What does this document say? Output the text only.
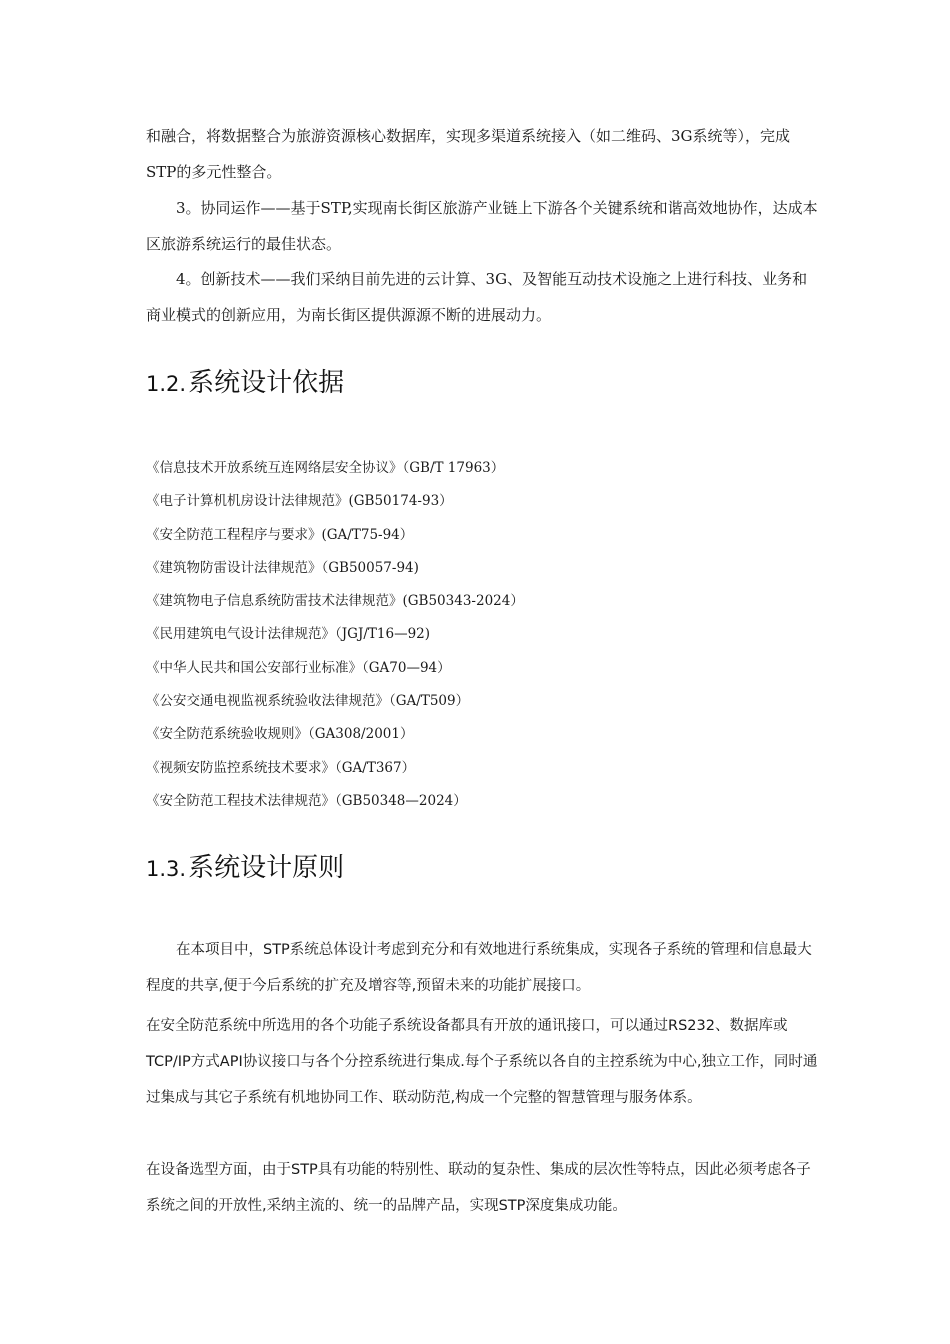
和融合，将数据整合为旅游资源核心数据库，实现多渠道系统接入（如二维码、3G系统等），完成STP的多元性整合。

3。协同运作——基于STP,实现南长街区旅游产业链上下游各个关键系统和谐高效地协作，达成本区旅游系统运行的最佳状态。

4。创新技术——我们采纳目前先进的云计算、3G、及智能互动技术设施之上进行科技、业务和商业模式的创新应用，为南长街区提供源源不断的进展动力。

1.2.系统设计依据
《信息技术开放系统互连网络层安全协议》（GB/T 17963）
《电子计算机机房设计法律规范》(GB50174-93）
《安全防范工程程序与要求》(GA/T75-94）
《建筑物防雷设计法律规范》（GB50057-94)
《建筑物电子信息系统防雷技术法律规范》(GB50343-2024）
《民用建筑电气设计法律规范》（JGJ/T16—92)
《中华人民共和国公安部行业标准》（GA70—94）
《公安交通电视监视系统验收法律规范》（GA/T509）
《安全防范系统验收规则》（GA308/2001）
《视频安防监控系统技术要求》（GA/T367）
《安全防范工程技术法律规范》（GB50348—2024）
1.3.系统设计原则

在本项目中，STP系统总体设计考虑到充分和有效地进行系统集成，实现各子系统的管理和信息最大程度的共享,便于今后系统的扩充及增容等,预留未来的功能扩展接口。

在安全防范系统中所选用的各个功能子系统设备都具有开放的通讯接口，可以通过RS232、数据库或TCP/IP方式API协议接口与各个分控系统进行集成.每个子系统以各自的主控系统为中心,独立工作，同时通过集成与其它子系统有机地协同工作、联动防范,构成一个完整的智慧管理与服务体系。

在设备选型方面，由于STP具有功能的特别性、联动的复杂性、集成的层次性等特点，因此必须考虑各子系统之间的开放性,采纳主流的、统一的品牌产品，实现STP深度集成功能。
